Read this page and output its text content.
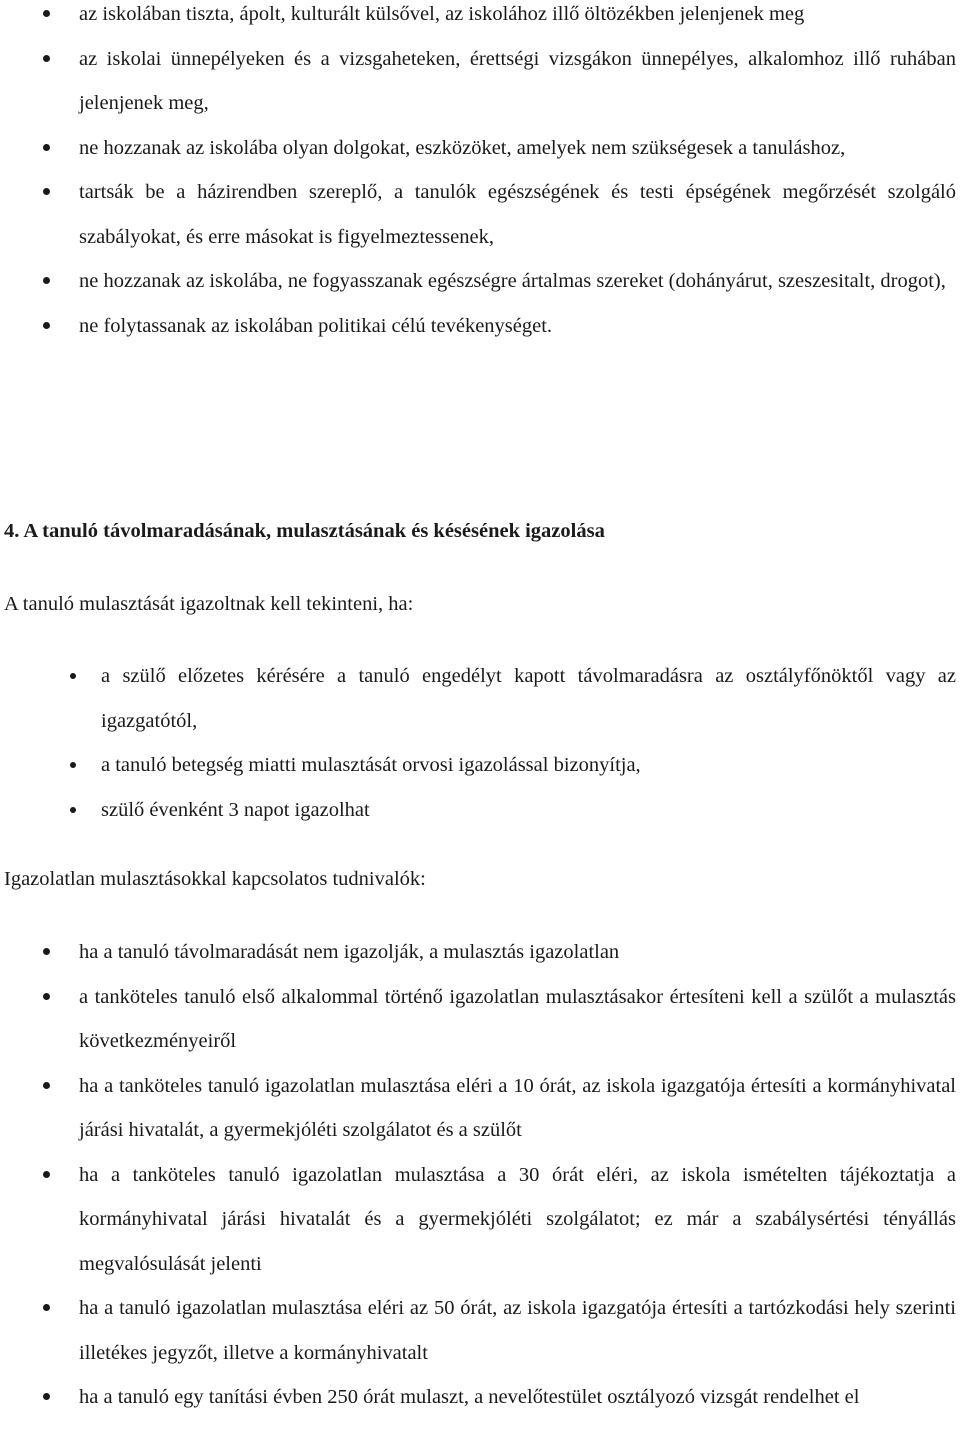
az iskolában tiszta, ápolt, kulturált külsővel, az iskolához illő öltözékben jelenjenek meg
az iskolai ünnepélyeken és a vizsgaheteken, érettségi vizsgákon ünnepélyes, alkalomhoz illő ruhában jelenjenek meg,
ne hozzanak az iskolába olyan dolgokat, eszközöket, amelyek nem szükségesek a tanuláshoz,
tartsák be a házirendben szereplő, a tanulók egészségének és testi épségének megőrzését szolgáló szabályokat, és erre másokat is figyelmeztessenek,
ne hozzanak az iskolába, ne fogyasszanak egészségre ártalmas szereket (dohányárut, szeszesitalt, drogot),
ne folytassanak az iskolában politikai célú tevékenységet.
4. A tanuló távolmaradásának, mulasztásának és késésének igazolása

A tanuló mulasztását igazoltnak kell tekinteni, ha:

a szülő előzetes kérésére a tanuló engedélyt kapott távolmaradásra az osztályfőnöktől vagy az igazgatótól,
a tanuló betegség miatti mulasztását orvosi igazolással bizonyítja,
szülő évenként 3 napot igazolhat

Igazolatlan mulasztásokkal kapcsolatos tudnivalók:

ha a tanuló távolmaradását nem igazolják, a mulasztás igazolatlan
a tanköteles tanuló első alkalommal történő igazolatlan mulasztásakor értesíteni kell a szülőt a mulasztás következményeiről
ha a tanköteles tanuló igazolatlan mulasztása eléri a 10 órát, az iskola igazgatója értesíti a kormányhivatal járási hivatalát, a gyermekjóléti szolgálatot és a szülőt
ha a tanköteles tanuló igazolatlan mulasztása a 30 órát eléri, az iskola ismételten tájékoztatja a kormányhivatal járási hivatalát és a gyermekjóléti szolgálatot; ez már a szabálysértési tényállás megvalósulását jelenti
ha a tanuló igazolatlan mulasztása eléri az 50 órát, az iskola igazgatója értesíti a tartózkodási hely szerinti illetékes jegyzőt, illetve a kormányhivatalt
ha a tanuló egy tanítási évben 250 órát mulaszt, a nevelőtestület osztályozó vizsgát rendelhet el
